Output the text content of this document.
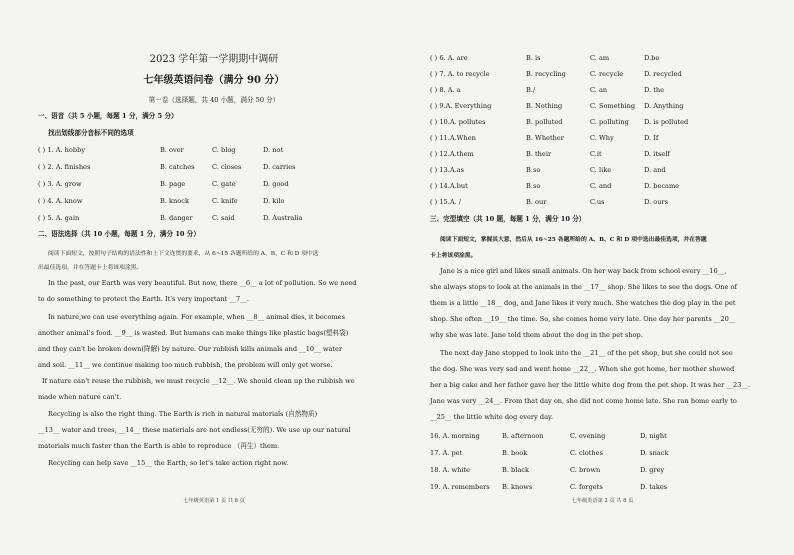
2023 学年第一学期期中调研
七年级英语问卷（满分 90 分）
第一卷（选择题，共 40 小题，满分 50 分）
一、语音（共 5 小题，每题 1 分，满分 5 分）
找出划线部分音标不同的选项
( ) 1. A. hobby	B. over	C. blog	D. not
( ) 2. A. finishes	B. catches	C. closes	D. carries
( ) 3. A. grow	B. page	C. gate	D. good
( ) 4. A. know	B. knock	C. knife	D. kilo
( ) 5. A. gain	B. danger	C. said	D. Australia
二、语法选择（共 10 小题，每题 1 分，满分 10 分）
阅读下面短文，按照句子结构的语法性和上下文连贯的要求，从 6~15 各题所给的 A、B、C 和 D 项中选
出最佳选项，并在答题卡上将该项涂黑。
In the past, our Earth was very beautiful. But now, there __6__ a lot of pollution. So we need
to do something to protect the Earth. It's very important __7__.
In nature,we can use everything again. For example, when __8__ animal dies, it becomes
another animal's food. __9__ is wasted. But humans can make things like plastic bags(塑料袋)
and they can't be broken down(降解) by nature. Our rubbish kills animals and __10__ water
and soil. __11__ we continue making too much rubbish, the problem will only get worse.
If nature can't reuse the rubbish, we must recycle __12__. We should clean up the rubbish we
made when nature can't.
Recycling is also the right thing. The Earth is rich in natural materials (自然物质)
__13__ water and trees, __14__ these materials are not endless(无穷的). We use up our natural
materials much faster than the Earth is able to reproduce （再生）them.
Recycling can help save __15__ the Earth, so let's take action right now.
七年级英语第 1 页 共 8 页
( ) 6. A. are	B. is	C. am	D.be
( ) 7. A. to recycle	B. recycling	C. recycle	D. recycled
( ) 8. A. a	B./	C. an	D. the
( ) 9.A. Everything	B. Nothing	C. Something D. Anything
( ) 10.A. pollutes	B. polluted	C. polluting D. is polluted
( ) 11.A.When	B. Whether	C. Why	D. If
( ) 12.A.them	B. their	C.it	D. itself
( ) 13.A.as	B.so	C. like	D. and
( ) 14.A.but	B.so	C. and	D. became
( ) 15.A. /	B. our	C.us	D. ours
三、完型填空（共 10 题，每题 1 分，满分 10 分）
阅读下面短文，掌握其大意，然后从 16~25 各题所给的 A、B、C 和 D 项中选出最佳选项，并在答题
卡上将该项涂黑。
Jane is a nice girl and likes small animals. On her way back from school every __16__,
she always stops to look at the animals in the __17__ shop. She likes to see the dogs. One of
them is a little __18__ dog, and Jane likes it very much. She watches the dog play in the pet
shop. She often __19__ the time. So, she comes home very late. One day her parents __20__
why she was late. Jane told them about the dog in the pet shop.
The next day Jane stopped to look into the __21__ of the pet shop, but she could not see
the dog. She was very sad and went home __22__. When she got home, her mother showed
her a big cake and her father gave her the little white dog from the pet shop. It was her __23__.
Jane was very __24__. From that day on, she did not come home late. She ran home early to
__25__ the little white dog every day.
16. A. morning	B. afternoon	C. evening	D. night
17. A. pet	B. book	C. clothes	D. snack
18. A. white	B. black	C. brown	D. grey
19. A. remembers B. knows	C. forgets	D. takes
七年级英语第 2 页 共 8 页
